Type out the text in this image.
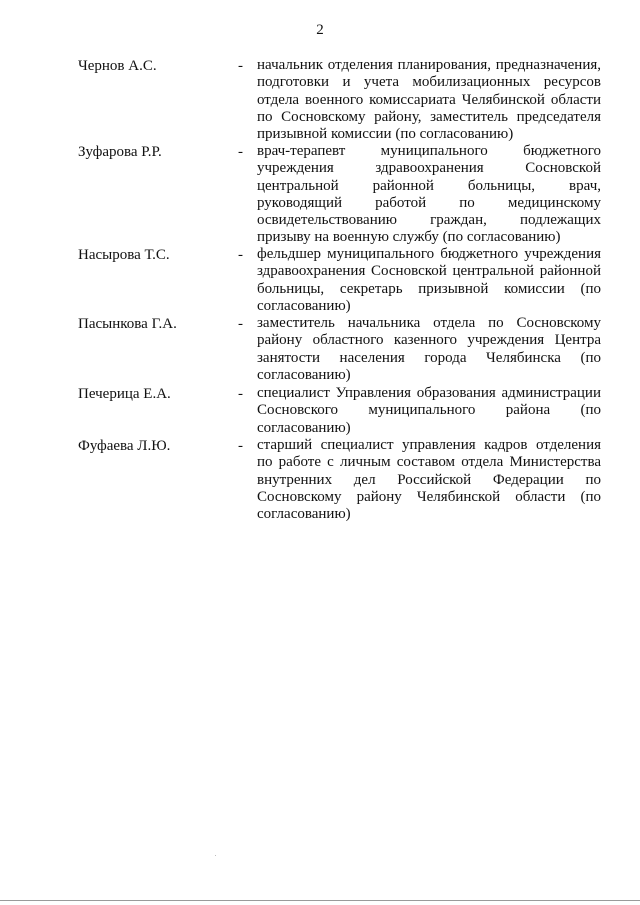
2
Чернов А.С.	- начальник отделения планирования, предназначения,
подготовки и учета мобилизационных ресурсов
отдела военного комиссариата Челябинской области
по Сосновскому району, заместитель председателя
призывной комиссии (по согласованию)
Зуфарова Р.Р.	- врач-терапевт муниципального бюджетного
учреждения здравоохранения Сосновской
центральной районной больницы, врач,
руководящий работой по медицинскому
освидетельствованию граждан, подлежащих
призыву на военную службу (по согласованию)
Насырова Т.С.	- фельдшер муниципального бюджетного учреждения
здравоохранения Сосновской центральной районной
больницы, секретарь призывной комиссии (по
согласованию)
Пасынкова Г.А.	- заместитель начальника отдела по Сосновскому
району областного казенного учреждения Центра
занятости населения города Челябинска (по
согласованию)
Печерица Е.А.	- специалист Управления образования администрации
Сосновского муниципального района (по
согласованию)
Фуфаева Л.Ю.	- старший специалист управления кадров отделения
по работе с личным составом отдела Министерства
внутренних дел Российской Федерации по
Сосновскому району Челябинской области (по
согласованию)
